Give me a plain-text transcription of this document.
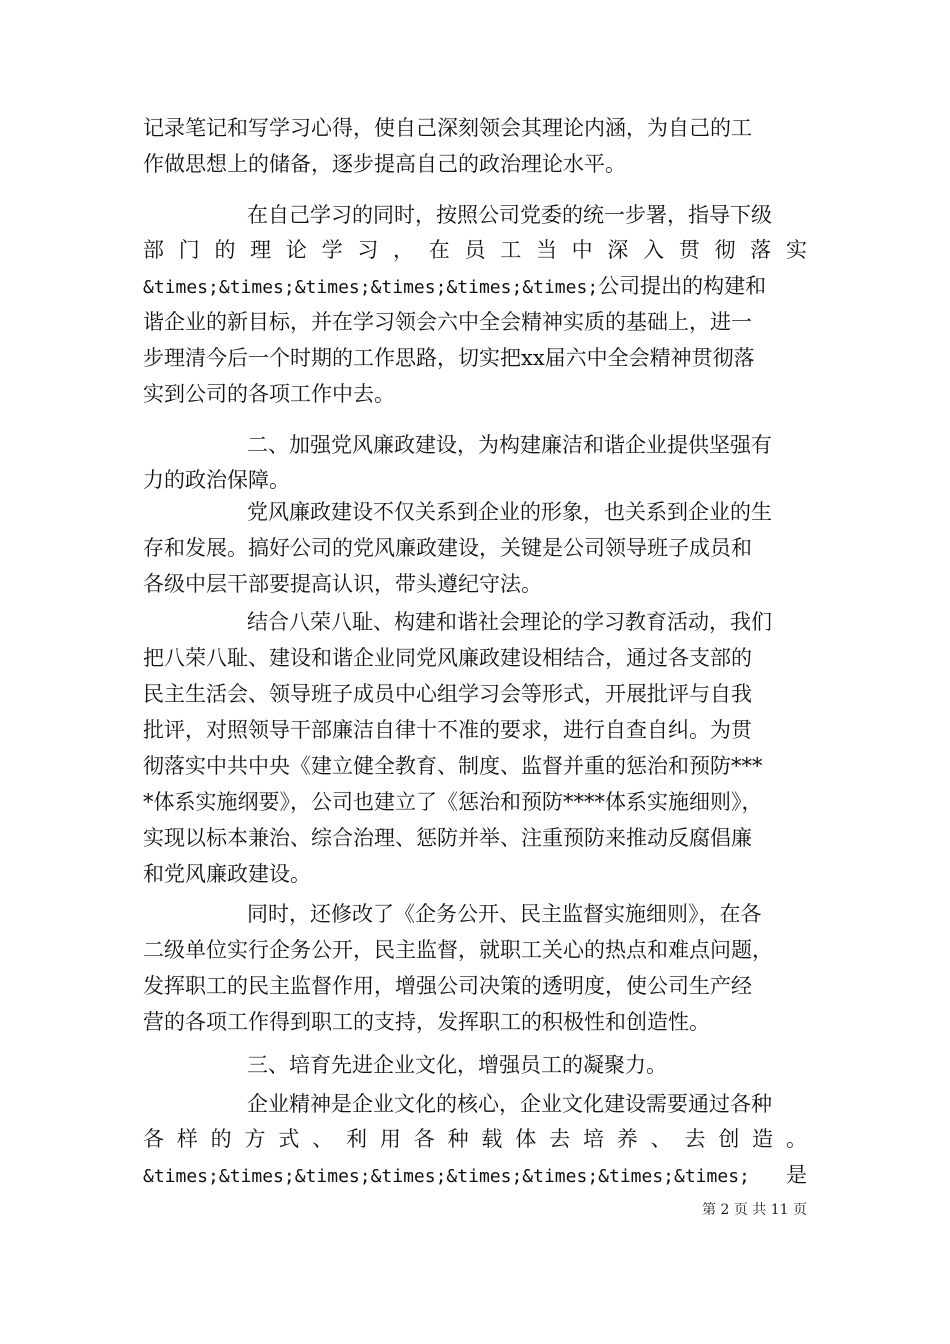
记录笔记和写学习心得，使自己深刻领会其理论内涵，为自己的工
作做思想上的储备，逐步提高自己的政治理论水平。
在自己学习的同时，按照公司党委的统一步署，指导下级
部门的理论学习，在员工当中深入贯彻落实
&times;&times;&times;&times;&times;&times;公司提出的构建和
谐企业的新目标，并在学习领会六中全会精神实质的基础上，进一
步理清今后一个时期的工作思路，切实把xx届六中全会精神贯彻落
实到公司的各项工作中去。
二、加强党风廉政建设，为构建廉洁和谐企业提供坚强有
力的政治保障。
党风廉政建设不仅关系到企业的形象，也关系到企业的生
存和发展。搞好公司的党风廉政建设，关键是公司领导班子成员和
各级中层干部要提高认识，带头遵纪守法。
结合八荣八耻、构建和谐社会理论的学习教育活动，我们
把八荣八耻、建设和谐企业同党风廉政建设相结合，通过各支部的
民主生活会、领导班子成员中心组学习会等形式，开展批评与自我
批评，对照领导干部廉洁自律十不准的要求，进行自查自纠。为贯
彻落实中共中央《建立健全教育、制度、监督并重的惩治和预防***
*体系实施纲要》，公司也建立了《惩治和预防****体系实施细则》，
实现以标本兼治、综合治理、惩防并举、注重预防来推动反腐倡廉
和党风廉政建设。
同时，还修改了《企务公开、民主监督实施细则》，在各
二级单位实行企务公开，民主监督，就职工关心的热点和难点问题，
发挥职工的民主监督作用，增强公司决策的透明度，使公司生产经
营的各项工作得到职工的支持，发挥职工的积极性和创造性。
三、培育先进企业文化，增强员工的凝聚力。
企业精神是企业文化的核心，企业文化建设需要通过各种
各样的方式、利用各种载体去培养、去创造。
&times;&times;&times;&times;&times;&times;&times;&times; 是
第 2 页 共 11 页
